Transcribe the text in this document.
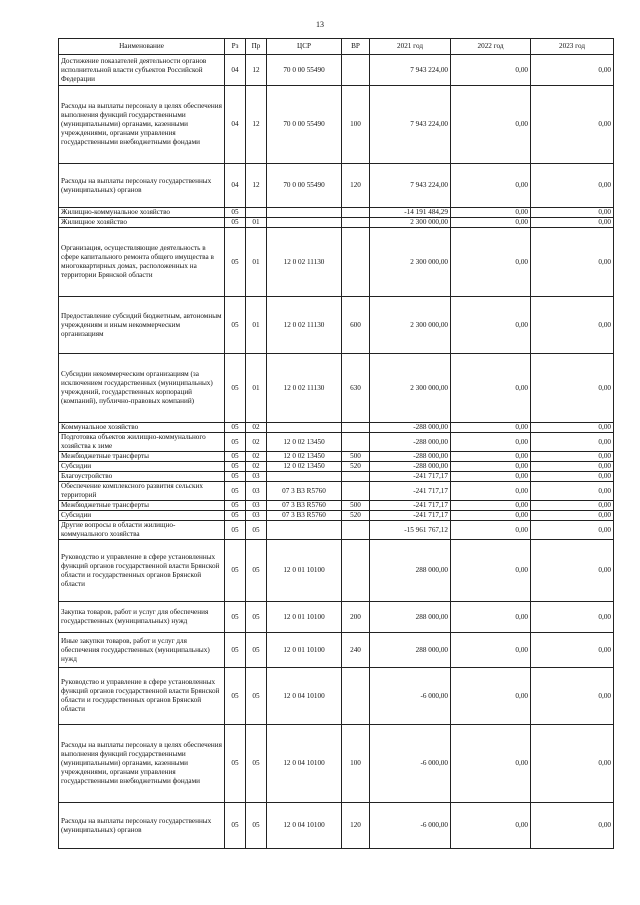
13
Наименование	Рз	Пр	ЦСР	ВР	2021 год	2022 год	2023 год
Достижение показателей деятельности органов исполнительной власти субъектов Российской Федерации	04	12	70 0 00 55490		7 943 224,00	0,00	0,00
Расходы на выплаты персоналу в целях обеспечения выполнения функций государственными (муниципальными) органами, казенными учреждениями, органами управления государственными внебюджетными фондами	04	12	70 0 00 55490	100	7 943 224,00	0,00	0,00
Расходы на выплаты персоналу государственных (муниципальных) органов	04	12	70 0 00 55490	120	7 943 224,00	0,00	0,00
Жилищно-коммунальное хозяйство	05				-14 191 484,29	0,00	0,00
Жилищное хозяйство	05	01			2 300 000,00	0,00	0,00
Организация, осуществляющие деятельность в сфере капитального ремонта общего имущества в многоквартирных домах, расположенных на территории Брянской области	05	01	12 0 02 11130		2 300 000,00	0,00	0,00
Предоставление субсидий бюджетным, автономным учреждениям и иным некоммерческим организациям	05	01	12 0 02 11130	600	2 300 000,00	0,00	0,00
Субсидии некоммерческим организациям (за исключением государственных (муниципальных) учреждений, государственных корпораций (компаний), публично-правовых компаний)	05	01	12 0 02 11130	630	2 300 000,00	0,00	0,00
Коммунальное хозяйство	05	02			-288 000,00	0,00	0,00
Подготовка объектов жилищно-коммунального хозяйства к зиме	05	02	12 0 02 13450		-288 000,00	0,00	0,00
Межбюджетные трансферты	05	02	12 0 02 13450	500	-288 000,00	0,00	0,00
Субсидии	05	02	12 0 02 13450	520	-288 000,00	0,00	0,00
Благоустройство	05	03			-241 717,17	0,00	0,00
Обеспечение комплексного развития сельских территорий	05	03	07 3 В3 R5760		-241 717,17	0,00	0,00
Межбюджетные трансферты	05	03	07 3 В3 R5760	500	-241 717,17	0,00	0,00
Субсидии	05	03	07 3 В3 R5760	520	-241 717,17	0,00	0,00
Другие вопросы в области жилищно-коммунального хозяйства	05	05			-15 961 767,12	0,00	0,00
Руководство и управление в сфере установленных функций органов государственной власти Брянской области и государственных органов Брянской области	05	05	12 0 01 10100		288 000,00	0,00	0,00
Закупка товаров, работ и услуг для обеспечения государственных (муниципальных) нужд	05	05	12 0 01 10100	200	288 000,00	0,00	0,00
Иные закупки товаров, работ и услуг для обеспечения государственных (муниципальных) нужд	05	05	12 0 01 10100	240	288 000,00	0,00	0,00
Руководство и управление в сфере установленных функций органов государственной власти Брянской области и государственных органов Брянской области	05	05	12 0 04 10100		-6 000,00	0,00	0,00
Расходы на выплаты персоналу в целях обеспечения выполнения функций государственными (муниципальными) органами, казенными учреждениями, органами управления государственными внебюджетными фондами	05	05	12 0 04 10100	100	-6 000,00	0,00	0,00
Расходы на выплаты персоналу государственных (муниципальных) органов	05	05	12 0 04 10100	120	-6 000,00	0,00	0,00
